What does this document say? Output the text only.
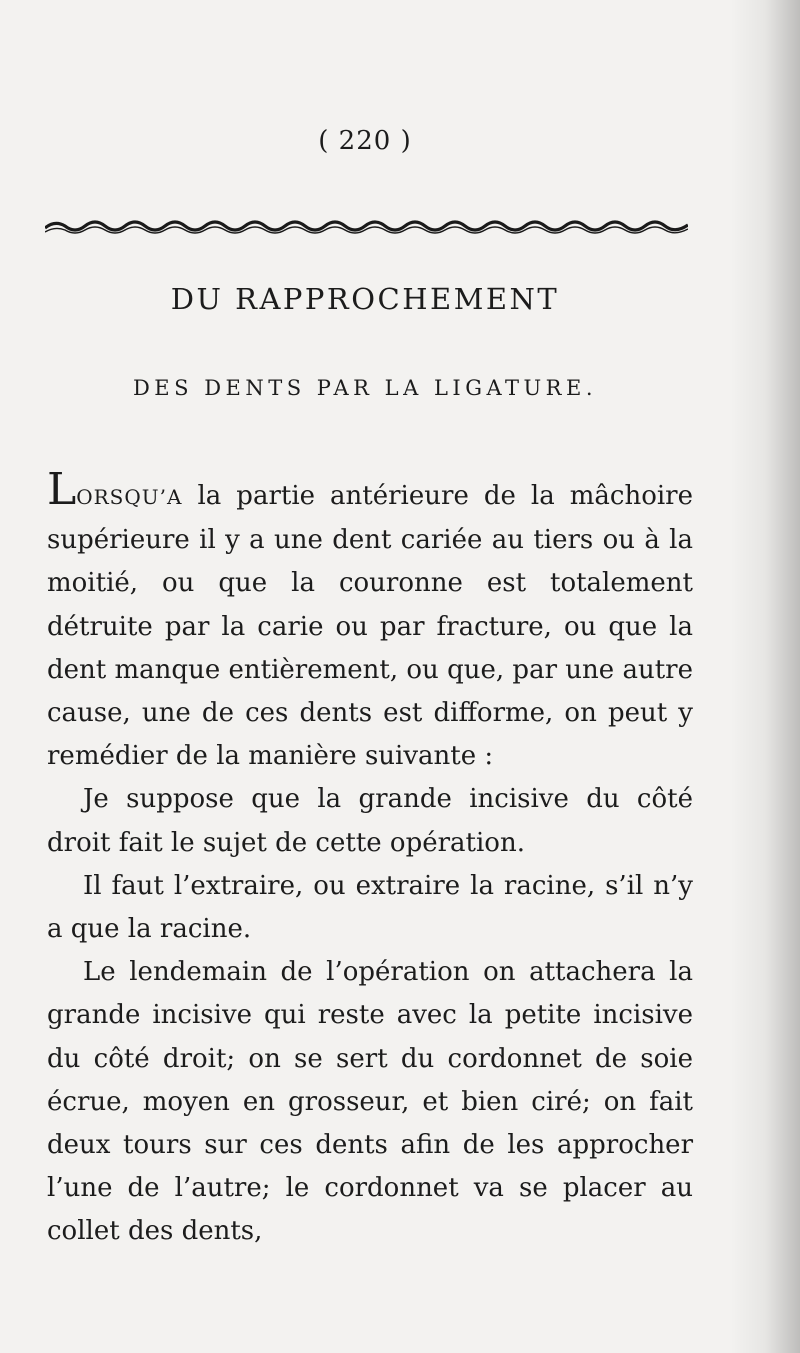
( 220 )
DU RAPPROCHEMENT
DES DENTS PAR LA LIGATURE.

LORSQU’A la partie antérieure de la mâchoire supérieure il y a une dent cariée au tiers ou à la moitié, ou que la couronne est totalement détruite par la carie ou par fracture, ou que la dent manque entièrement, ou que, par une autre cause, une de ces dents est difforme, on peut y remédier de la manière suivante :

Je suppose que la grande incisive du côté droit fait le sujet de cette opération.

Il faut l’extraire, ou extraire la racine, s’il n’y a que la racine.

Le lendemain de l’opération on attachera la grande incisive qui reste avec la petite incisive du côté droit; on se sert du cordonnet de soie écrue, moyen en grosseur, et bien ciré; on fait deux tours sur ces dents afin de les approcher l’une de l’autre; le cordonnet va se placer au collet des dents,
